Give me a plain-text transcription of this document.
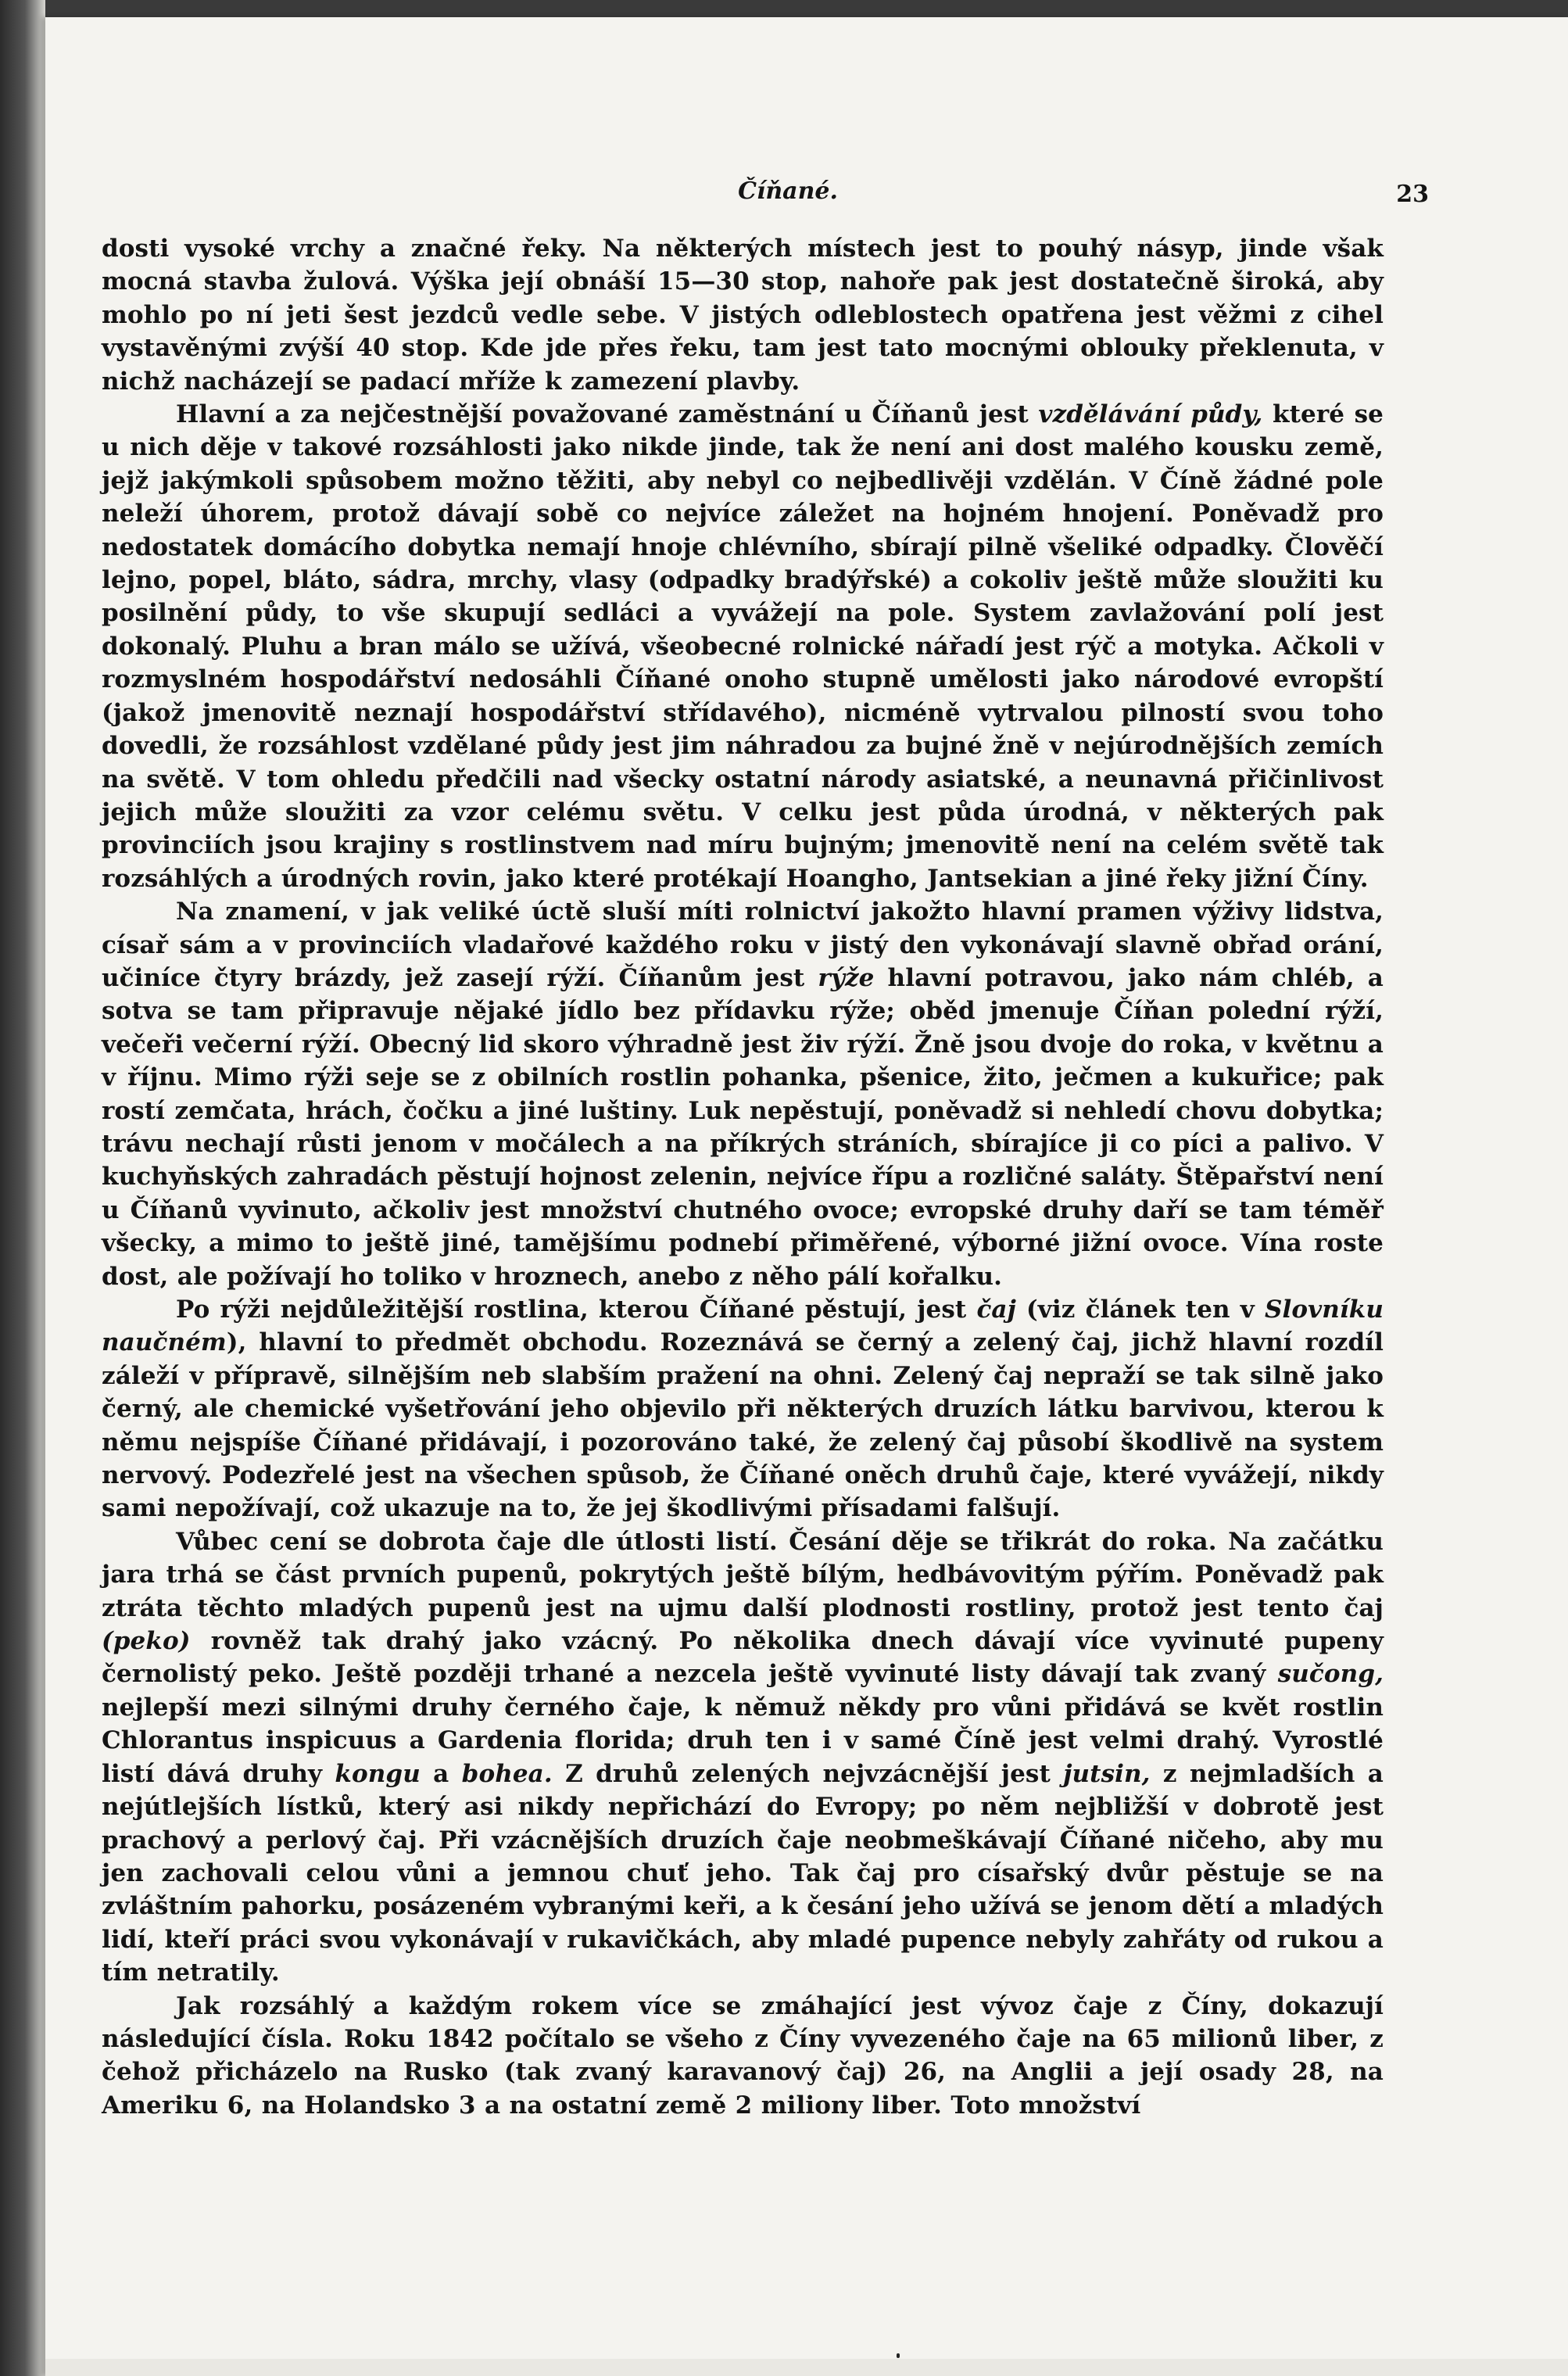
Číňané.	23

dosti vysoké vrchy a značné řeky. Na některých místech jest to pouhý násyp, jinde však mocná stavba žulová. Výška její obnáší 15—30 stop, nahoře pak jest dostatečně široká, aby mohlo po ní jeti šest jezdců vedle sebe. V jistých odleblostech opatřena jest věžmi z cihel vystavěnými zvýší 40 stop. Kde jde přes řeku, tam jest tato mocnými oblouky překlenuta, v nichž nacházejí se padací mříže k zamezení plavby.

Hlavní a za nejčestnější považované zaměstnání u Číňanů jest vzdělávání půdy, které se u nich děje v takové rozsáhlosti jako nikde jinde, tak že není ani dost malého kousku země, jejž jakýmkoli spůsobem možno těžiti, aby nebyl co nejbedlivěji vzdělán. V Číně žádné pole neleží úhorem, protož dávají sobě co nejvíce záležet na hojném hnojení. Poněvadž pro nedostatek domácího dobytka nemají hnoje chlévního, sbírají pilně všeliké odpadky. Člověčí lejno, popel, bláto, sádra, mrchy, vlasy (odpadky bradýřské) a cokoliv ještě může sloužiti ku posilnění půdy, to vše skupují sedláci a vyvážejí na pole. System zavlažování polí jest dokonalý. Pluhu a bran málo se užívá, všeobecné rolnické nářadí jest rýč a motyka. Ačkoli v rozmyslném hospodářství nedosáhli Číňané onoho stupně umělosti jako národové evropští (jakož jmenovitě neznají hospodářství střídavého), nicméně vytrvalou pilností svou toho dovedli, že rozsáhlost vzdělané půdy jest jim náhradou za bujné žně v nejúrodnějších zemích na světě. V tom ohledu předčili nad všecky ostatní národy asiatské, a neunavná přičinlivost jejich může sloužiti za vzor celému světu. V celku jest půda úrodná, v některých pak provinciích jsou krajiny s rostlinstvem nad míru bujným; jmenovitě není na celém světě tak rozsáhlých a úrodných rovin, jako které protékají Hoangho, Jantsekian a jiné řeky jižní Číny.

Na znamení, v jak veliké úctě sluší míti rolnictví jakožto hlavní pramen výživy lidstva, císař sám a v provinciích vladařové každého roku v jistý den vykonávají slavně obřad orání, učiníce čtyry brázdy, jež zasejí rýží. Číňanům jest rýže hlavní potravou, jako nám chléb, a sotva se tam připravuje nějaké jídlo bez přídavku rýže; oběd jmenuje Číňan polední rýží, večeři večerní rýží. Obecný lid skoro výhradně jest živ rýží. Žně jsou dvoje do roka, v květnu a v říjnu. Mimo rýži seje se z obilních rostlin pohanka, pšenice, žito, ječmen a kukuřice; pak rostí zemčata, hrách, čočku a jiné luštiny. Luk nepěstují, poněvadž si nehledí chovu dobytka; trávu nechají růsti jenom v močálech a na příkrých stráních, sbírajíce ji co píci a palivo. V kuchyňských zahradách pěstují hojnost zelenin, nejvíce řípu a rozličné saláty. Štěpařství není u Číňanů vyvinuto, ačkoliv jest množství chutného ovoce; evropské druhy daří se tam téměř všecky, a mimo to ještě jiné, tamějšímu podnebí přiměřené, výborné jižní ovoce. Vína roste dost, ale požívají ho toliko v hroznech, anebo z něho pálí kořalku.

Po rýži nejdůležitější rostlina, kterou Číňané pěstují, jest čaj (viz článek ten v Slovníku naučném), hlavní to předmět obchodu. Rozeznává se černý a zelený čaj, jichž hlavní rozdíl záleží v přípravě, silnějším neb slabším pražení na ohni. Zelený čaj nepraží se tak silně jako černý, ale chemické vyšetřování jeho objevilo při některých druzích látku barvivou, kterou k němu nejspíše Číňané přidávají, i pozorováno také, že zelený čaj působí škodlivě na system nervový. Podezřelé jest na všechen spůsob, že Číňané oněch druhů čaje, které vyvážejí, nikdy sami nepožívají, což ukazuje na to, že jej škodlivými přísadami falšují.

Vůbec cení se dobrota čaje dle útlosti listí. Česání děje se třikrát do roka. Na začátku jara trhá se část prvních pupenů, pokrytých ještě bílým, hedbávovitým pýřím. Poněvadž pak ztráta těchto mladých pupenů jest na ujmu další plodnosti rostliny, protož jest tento čaj (peko) rovněž tak drahý jako vzácný. Po několika dnech dávají více vyvinuté pupeny černolistý peko. Ještě později trhané a nezcela ještě vyvinuté listy dávají tak zvaný sučong, nejlepší mezi silnými druhy černého čaje, k němuž někdy pro vůni přidává se květ rostlin Chlorantus inspicuus a Gardenia florida; druh ten i v samé Číně jest velmi drahý. Vyrostlé listí dává druhy kongu a bohea. Z druhů zelených nejvzácnější jest jutsin, z nejmladších a nejútlejších lístků, který asi nikdy nepřichází do Evropy; po něm nejbližší v dobrotě jest prachový a perlový čaj. Při vzácnějších druzích čaje neobmeškávají Číňané ničeho, aby mu jen zachovali celou vůni a jemnou chuť jeho. Tak čaj pro císařský dvůr pěstuje se na zvláštním pahorku, posázeném vybranými keři, a k česání jeho užívá se jenom dětí a mladých lidí, kteří práci svou vykonávají v rukavičkách, aby mladé pupence nebyly zahřáty od rukou a tím netratily.

Jak rozsáhlý a každým rokem více se zmáhající jest vývoz čaje z Číny, dokazují následující čísla. Roku 1842 počítalo se všeho z Číny vyvezeného čaje na 65 milionů liber, z čehož přicházelo na Rusko (tak zvaný karavanový čaj) 26, na Anglii a její osady 28, na Ameriku 6, na Holandsko 3 a na ostatní země 2 miliony liber. Toto množství
